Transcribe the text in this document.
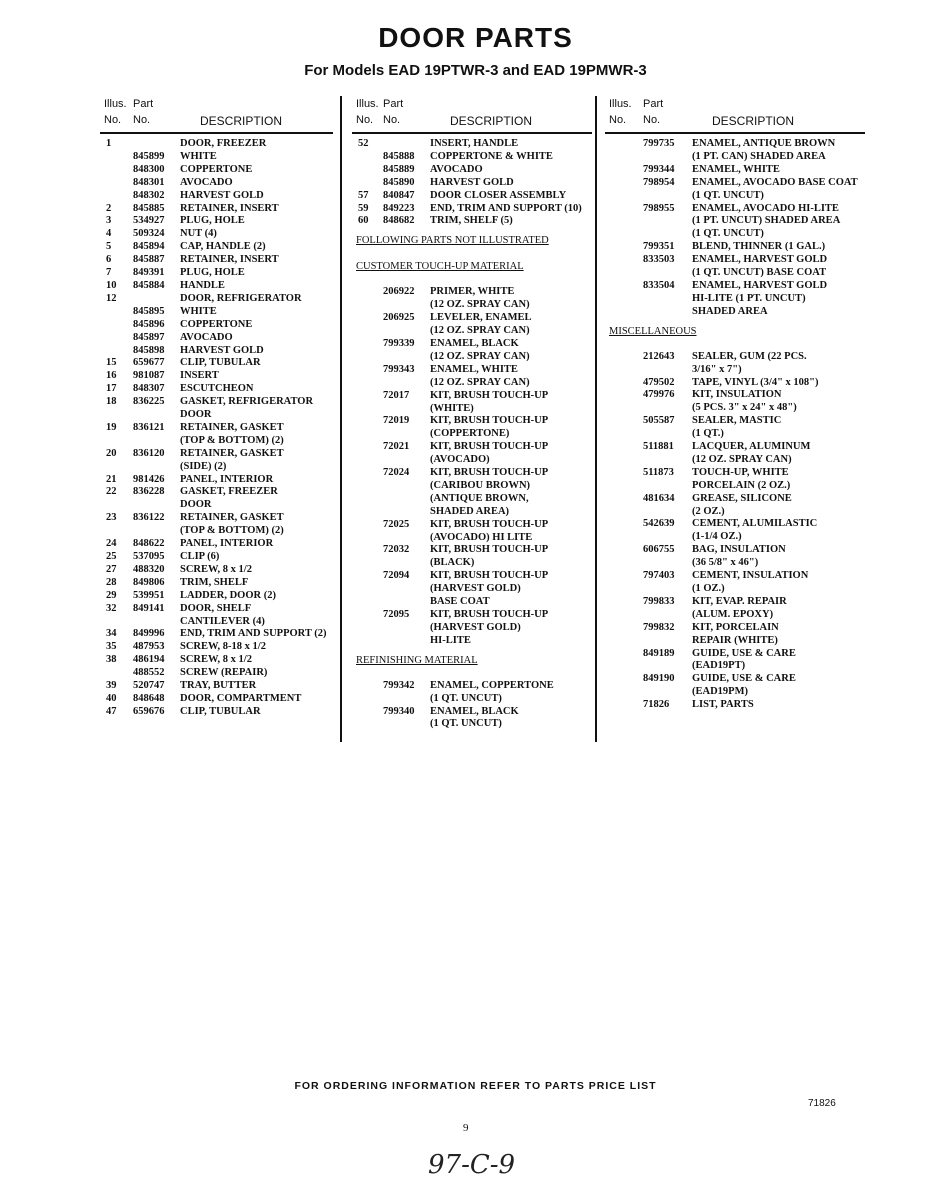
DOOR PARTS
For Models EAD 19PTWR-3 and EAD 19PMWR-3
Illus. Part
No. No.	DESCRIPTION
1	DOOR, FREEZER
845899 WHITE
848300 COPPERTONE
848301 AVOCADO
848302 HARVEST GOLD
2 845885 RETAINER, INSERT
3 534927 PLUG, HOLE
4 509324 NUT (4)
5 845894 CAP, HANDLE (2)
6 845887 RETAINER, INSERT
7 849391 PLUG, HOLE
10 845884 HANDLE
12	DOOR, REFRIGERATOR
845895 WHITE
845896 COPPERTONE
845897 AVOCADO
845898 HARVEST GOLD
15 659677 CLIP, TUBULAR
16 981087 INSERT
17 848307 ESCUTCHEON
18 836225 GASKET, REFRIGERATOR
DOOR
19 836121 RETAINER, GASKET
(TOP & BOTTOM) (2)
20 836120 RETAINER, GASKET
(SIDE) (2)
21 981426 PANEL, INTERIOR
22 836228 GASKET, FREEZER
DOOR
23 836122 RETAINER, GASKET
(TOP & BOTTOM) (2)
24 848622 PANEL, INTERIOR
25 537095 CLIP (6)
27 488320 SCREW, 8 x 1/2
28 849806 TRIM, SHELF
29 539951 LADDER, DOOR (2)
32 849141 DOOR, SHELF
CANTILEVER (4)
34 849996 END, TRIM AND SUPPORT (2)
35 487953 SCREW, 8-18 x 1/2
38 486194 SCREW, 8 x 1/2
488552 SCREW (REPAIR)
39 520747 TRAY, BUTTER
40 848648 DOOR, COMPARTMENT
47 659676 CLIP, TUBULAR
Illus. Part
No. No.	DESCRIPTION
52	INSERT, HANDLE
845888 COPPERTONE & WHITE
845889 AVOCADO
845890 HARVEST GOLD
57 840847 DOOR CLOSER ASSEMBLY
59 849223 END, TRIM AND SUPPORT (10)
60 848682 TRIM, SHELF (5)
FOLLOWING PARTS NOT ILLUSTRATED
CUSTOMER TOUCH-UP MATERIAL
206922 PRIMER, WHITE
(12 OZ. SPRAY CAN)
206925 LEVELER, ENAMEL
(12 OZ. SPRAY CAN)
799339 ENAMEL, BLACK
(12 OZ. SPRAY CAN)
799343 ENAMEL, WHITE
(12 OZ. SPRAY CAN)
72017 KIT, BRUSH TOUCH-UP
(WHITE)
72019 KIT, BRUSH TOUCH-UP
(COPPERTONE)
72021 KIT, BRUSH TOUCH-UP
(AVOCADO)
72024 KIT, BRUSH TOUCH-UP
(CARIBOU BROWN)
(ANTIQUE BROWN,
SHADED AREA)
72025 KIT, BRUSH TOUCH-UP
(AVOCADO) HI LITE
72032 KIT, BRUSH TOUCH-UP
(BLACK)
72094 KIT, BRUSH TOUCH-UP
(HARVEST GOLD)
BASE COAT
72095 KIT, BRUSH TOUCH-UP
(HARVEST GOLD)
HI-LITE
REFINISHING MATERIAL
799342 ENAMEL, COPPERTONE
(1 QT. UNCUT)
799340 ENAMEL, BLACK
(1 QT. UNCUT)
Illus. Part
No. No.	DESCRIPTION
799735 ENAMEL, ANTIQUE BROWN
(1 PT. CAN) SHADED AREA
799344 ENAMEL, WHITE
798954 ENAMEL, AVOCADO BASE COAT
(1 QT. UNCUT)
798955 ENAMEL, AVOCADO HI-LITE
(1 PT. UNCUT) SHADED AREA
(1 QT. UNCUT)
799351 BLEND, THINNER (1 GAL.)
833503 ENAMEL, HARVEST GOLD
(1 QT. UNCUT) BASE COAT
833504 ENAMEL, HARVEST GOLD
HI-LITE (1 PT. UNCUT)
SHADED AREA
MISCELLANEOUS
212643 SEALER, GUM (22 PCS.
3/16" x 7")
479502 TAPE, VINYL (3/4" x 108")
479976 KIT, INSULATION
(5 PCS. 3" x 24" x 48")
505587 SEALER, MASTIC
(1 QT.)
511881 LACQUER, ALUMINUM
(12 OZ. SPRAY CAN)
511873 TOUCH-UP, WHITE
PORCELAIN (2 OZ.)
481634 GREASE, SILICONE
(2 OZ.)
542639 CEMENT, ALUMILASTIC
(1-1/4 OZ.)
606755 BAG, INSULATION
(36 5/8" x 46")
797403 CEMENT, INSULATION
(1 OZ.)
799833 KIT, EVAP. REPAIR
(ALUM. EPOXY)
799832 KIT, PORCELAIN
REPAIR (WHITE)
849189 GUIDE, USE & CARE
(EAD19PT)
849190 GUIDE, USE & CARE
(EAD19PM)
71826 LIST, PARTS
FOR ORDERING INFORMATION REFER TO PARTS PRICE LIST
71826
9
97-C-9
